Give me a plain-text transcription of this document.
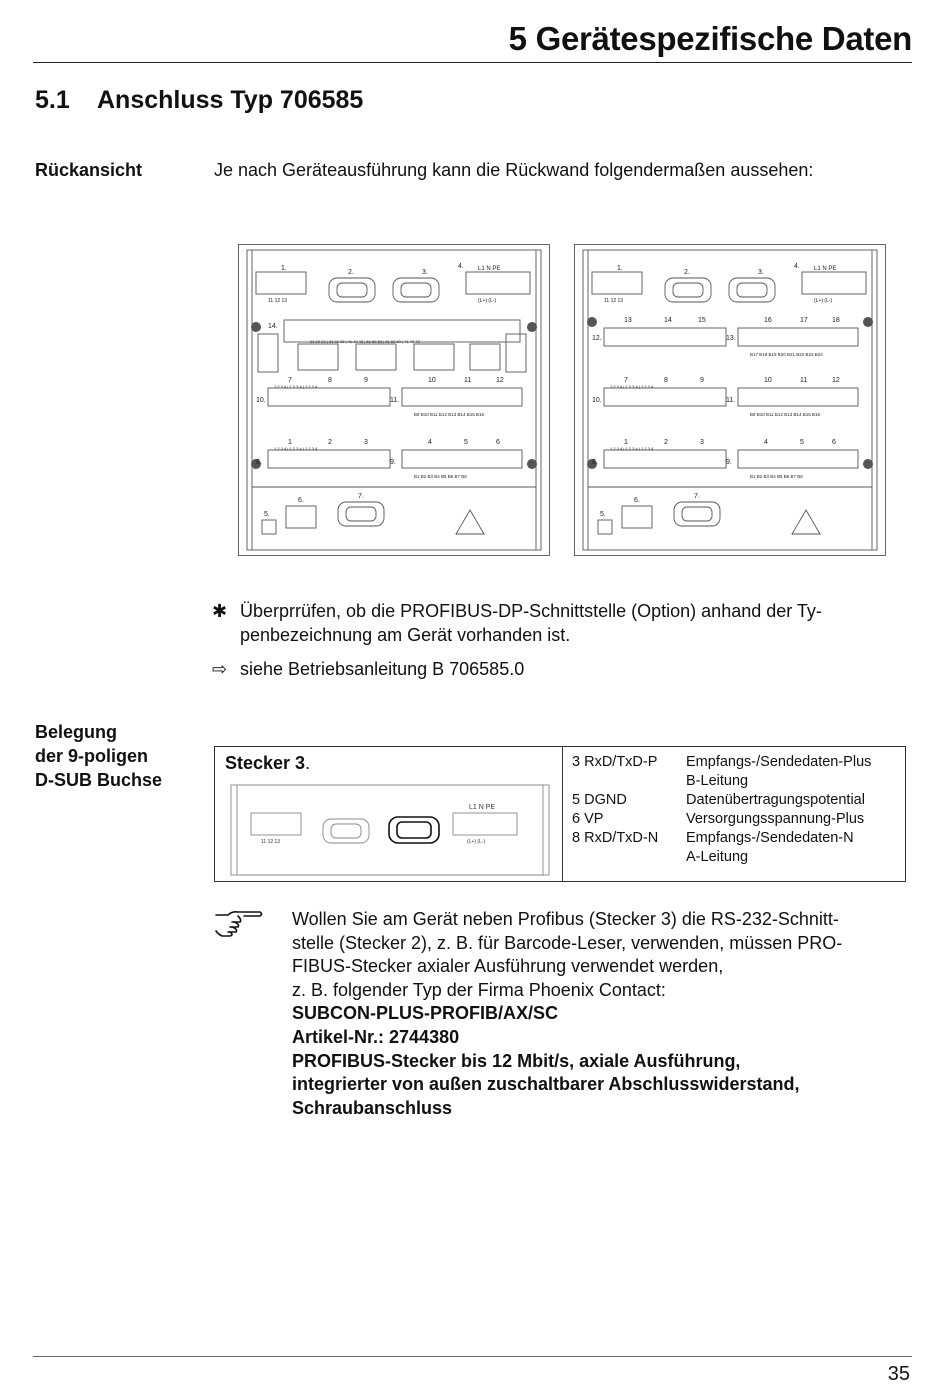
5 Gerätespezifische Daten
5.1 Anschluss Typ 706585
Rückansicht	Je nach Geräteausführung kann die Rückwand folgendermaßen aussehen:
1.
2.	3.
4. L1 N PE
11 12 13	(L+) (L-)
14.
21 22 23 | 31 32 33 | 41 42 43 | 51 52 53 | 61 62 63 | 71 72 73
7	8	9	10	11	12
10.	11.
1 2 3 4 | 1 2 3 4 | 1 2 3 4
B9 B10 B11 B12 B13 B14 B15 B16
1	2	3	4	5	6
8.	9.
1 2 3 4 | 1 2 3 4 | 1 2 3 4
B1 B2 B3 B4 B5 B6 B7 B8
5.
6.
7.
1.
2.	3.
4. L1 N PE
11 12 13	(L+) (L-)
13	14	15	16	17	18
12.	13.
B17 B18 B19 B20 B21 B22 B23 B24
7	8	9	10	11	12
10.	11.
1 2 3 4 | 1 2 3 4 | 1 2 3 4
B9 B10 B11 B12 B13 B14 B15 B16
1	2	3	4	5	6
8.	9.
1 2 3 4 | 1 2 3 4 | 1 2 3 4
B1 B2 B3 B4 B5 B6 B7 B8
5.
6.
7.
✱ Überprrüfen, ob die PROFIBUS-DP-Schnittstelle (Option) anhand der Ty-penbezeichnung am Gerät vorhanden ist.
⇨ siehe Betriebsanleitung B 706585.0
Belegung
der 9-poligen
D-SUB Buchse
Stecker 3.
L1 N PE
11 12 13	(L+) (L-)
3 RxD/TxD-P	Empfangs-/Sendedaten-Plus
B-Leitung
5 DGND	Datenübertragungspotential
6 VP	Versorgungsspannung-Plus
8 RxD/TxD-N	Empfangs-/Sendedaten-N
A-Leitung
Wollen Sie am Gerät neben Profibus (Stecker 3) die RS-232-Schnitt-
stelle (Stecker 2), z. B. für Barcode-Leser, verwenden, müssen PRO-
FIBUS-Stecker axialer Ausführung verwendet werden,
z. B. folgender Typ der Firma Phoenix Contact:
SUBCON-PLUS-PROFIB/AX/SC
Artikel-Nr.: 2744380
PROFIBUS-Stecker bis 12 Mbit/s, axiale Ausführung,
integrierter von außen zuschaltbarer Abschlusswiderstand,
Schraubanschluss
35
